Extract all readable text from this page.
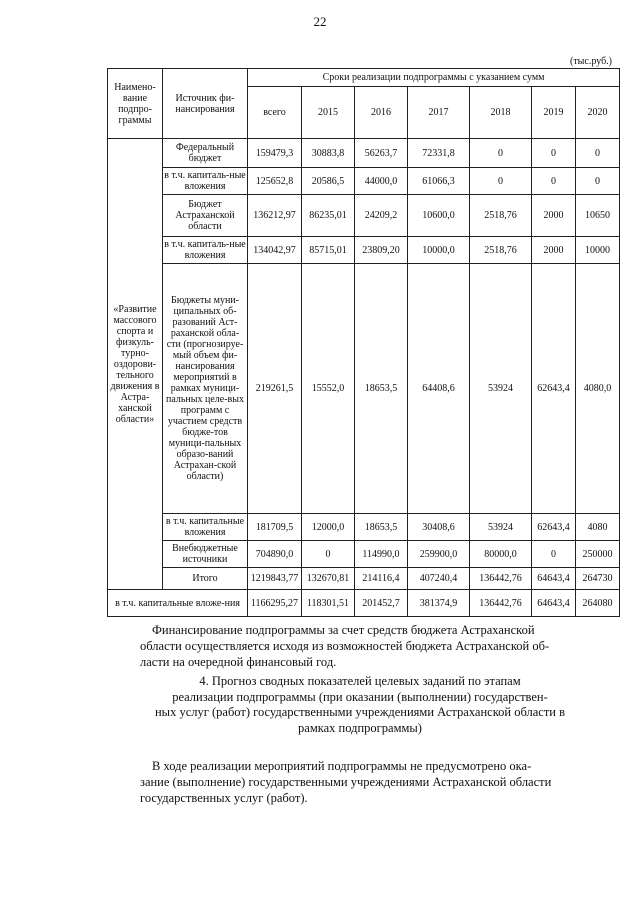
22
(тыс.руб.)
Наимено-вание подпро-граммы	Источник фи-нансирования	Сроки реализации подпрограммы с указанием сумм						
		всего	2015	2016	2017	2018	2019	2020
«Развитие массового спорта и физкуль-турно-оздорови-тельного движения в Астра-ханской области»	Федеральный бюджет	159479,3	30883,8	56263,7	72331,8	0	0	0
	в т.ч. капиталь-ные вложения	125652,8	20586,5	44000,0	61066,3	0	0	0
	Бюджет Астраханской области	136212,97	86235,01	24209,2	10600,0	2518,76	2000	10650
	в т.ч. капиталь-ные вложения	134042,97	85715,01	23809,20	10000,0	2518,76	2000	10000
	Бюджеты муни-ципальных об-разований Аст-раханской обла-сти (прогнозируе-мый объем фи-нансирования мероприятий в рамках муници-пальных целе-вых программ с участием средств бюдже-тов муници-пальных образо-ваний Астрахан-ской области)	219261,5	15552,0	18653,5	64408,6	53924	62643,4	4080,0
	в т.ч. капитальные вложения	181709,5	12000,0	18653,5	30408,6	53924	62643,4	4080
	Внебюджетные источники	704890,0	0	114990,0	259900,0	80000,0	0	250000
	Итого	1219843,77	132670,81	214116,4	407240,4	136442,76	64643,4	264730
в т.ч. капитальные вложе-ния		1166295,27	118301,51	201452,7	381374,9	136442,76	64643,4	264080

Финансирование подпрограммы за счет средств бюджета Астраханской

области осуществляется исходя из возможностей бюджета Астраханской об-

ласти на очередной финансовый год.

4. Прогноз сводных показателей целевых заданий по этапам
реализации подпрограммы (при оказании (выполнении) государствен-
ных услуг (работ) государственными учреждениями Астраханской области в
рамках подпрограммы)

В ходе реализации мероприятий подпрограммы не предусмотрено ока-

зание (выполнение) государственными учреждениями Астраханской области

государственных услуг (работ).
